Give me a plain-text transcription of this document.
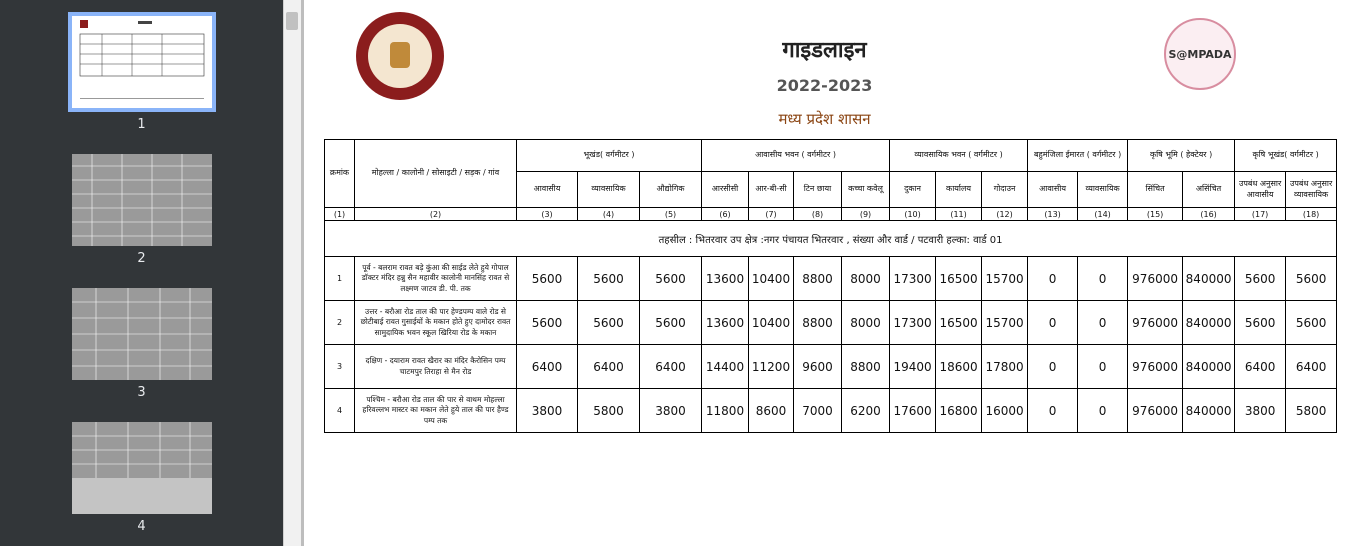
1
2
3
4
S@MPADA
गाइडलाइन
2022-2023
मध्य प्रदेश शासन
क्रमांक	मोहल्ला / कालोनी / सोसाइटी / सड़क / गांव	भूखंड( वर्गमीटर )			आवासीय भवन ( वर्गमीटर )				व्यावसायिक भवन ( वर्गमीटर )			बहुमंजिला ईमारत ( वर्गमीटर )		कृषि भूमि ( हेक्टेयर )		कृषि भूखंड( वर्गमीटर )	
		आवासीय	व्यावसायिक	औद्योगिक	आरसीसी	आर-बी-सी	टिन छाया	कच्चा कवेलू	दुकान	कार्यालय	गोदाउन	आवासीय	व्यावसायिक	सिंचित	असिंचित	उपबंध अनुसार आवासीय	उपबंध अनुसार व्यावसायिक
(1)	(2)	(3)	(4)	(5)	(6)	(7)	(8)	(9)	(10)	(11)	(12)	(13)	(14)	(15)	(16)	(17)	(18)
तहसील : भितरवार उप क्षेत्र :नगर पंचायत भितरवार , संख्या और वार्ड / पटवारी हल्का: वार्ड 01																	
1	पूर्व - बलराम रावत बड़े कुंआ की साईड लेते हुये गोपाल डॉक्टर मंदिर हन्नु सैन महावीर कालोनी मानसिंह रावत से लक्ष्मण जाटव डी. पी. तक	5600	5600	5600	13600	10400	8800	8000	17300	16500	15700	0	0	976000	840000	5600	5600
2	उत्तर - बरौआ रोड ताल की पार हेण्डपम्प वाले रोड से छोटीबाई रावत गुसाईयों के मकान होते हुए दामोदर रावत सामुदायिक भवन स्कूल खिरिया रोड के मकान	5600	5600	5600	13600	10400	8800	8000	17300	16500	15700	0	0	976000	840000	5600	5600
3	दक्षिण - दयाराम रावत खैरार का मंदिर कैरोसिन पम्प चाटमपुर तिराहा से मैन रोड	6400	6400	6400	14400	11200	9600	8800	19400	18600	17800	0	0	976000	840000	6400	6400
4	पश्चिम - बरौआ रोड ताल की पार से वाथम मोहल्ला हरिवल्लभ मास्टर का मकान लेते हुये ताल की पार हैण्ड पम्प तक	3800	5800	3800	11800	8600	7000	6200	17600	16800	16000	0	0	976000	840000	3800	5800
